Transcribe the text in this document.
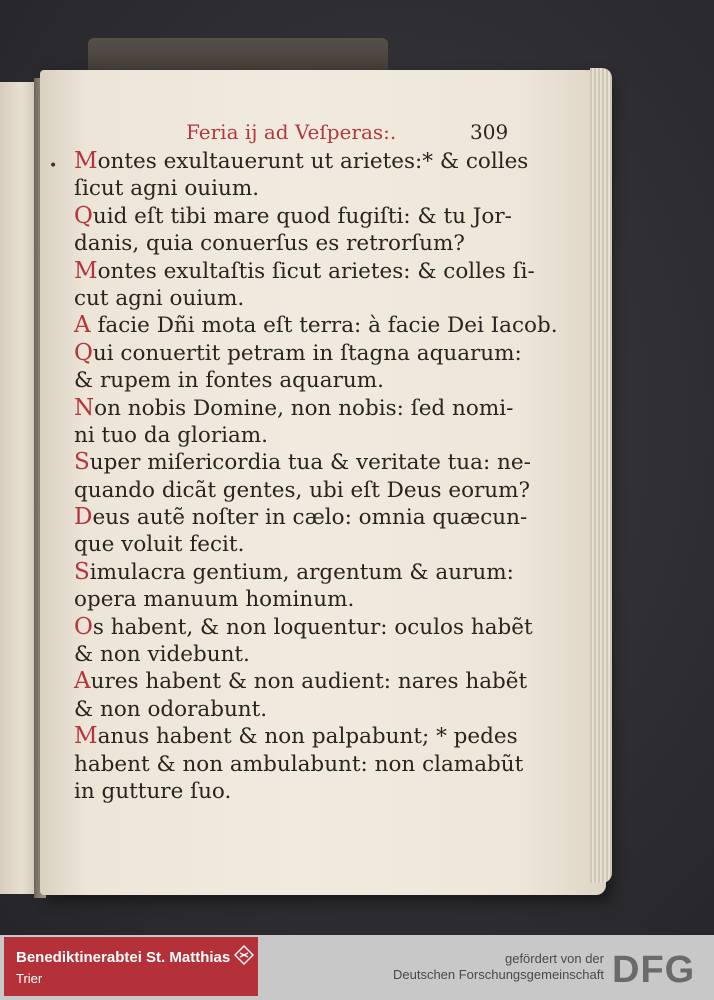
Feria ij ad Veſperas:.	309
• Montes exultauerunt ut arietes:* & colles
ſicut agni ouium.
Quid eſt tibi mare quod fugiſti: & tu Jor-
danis, quia conuerſus es retrorſum?
Montes exultaſtis ſicut arietes: & colles ſi-
cut agni ouium.
A facie Dñi mota eſt terra: à facie Dei Iacob.
Qui conuertit petram in ſtagna aquarum:
& rupem in fontes aquarum.
Non nobis Domine, non nobis: ſed nomi-
ni tuo da gloriam.
Super miſericordia tua & veritate tua: ne-
quando dicãt gentes, ubi eſt Deus eorum?
Deus autẽ noſter in cælo: omnia quæcun-
que voluit fecit.
Simulacra gentium, argentum & aurum:
opera manuum hominum.
Os habent, & non loquentur: oculos habẽt
& non videbunt.
Aures habent & non audient: nares habẽt
& non odorabunt.
Manus habent & non palpabunt; * pedes
habent & non ambulabunt: non clamabũt
in gutture ſuo.
Benediktinerabtei St. Matthias
Trier
gefördert von der
Deutschen Forschungsgemeinschaft DFG
